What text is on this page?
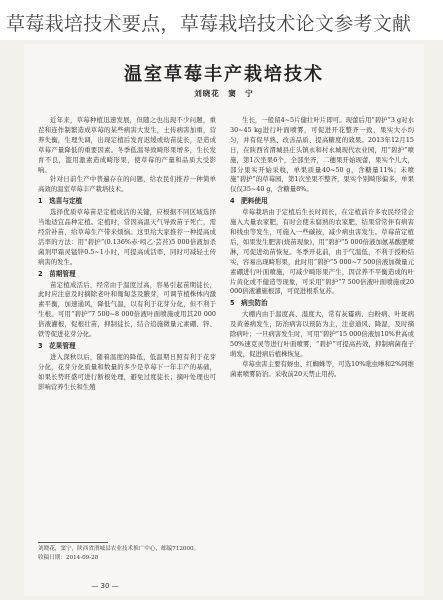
草莓栽培技术要点，草莓栽培技术论文参考文献
温室草莓丰产栽培技术
刘晓花　窦　宁

近年来，草莓种植迅速发展，但随之也出现不少问题，重茬和连作制繁造成草莓的某些病害大发生，土传病害加重，营养失衡，生理失调，出现定植后发育迟缓或幼苗徒长，是造成草莓产量降低的重要因素。冬季低温导致畸形果增多，生长发育不良，滥用激素造成畸形果，使草莓的产量和品质大受影响。

针对日前生产中普遍存在的问题，给农民们推荐一种简单高效的温室草莓丰产栽培技术。

1　选苗与定植

选择优质草莓苗是定植成活的关键，应根据不同区域选择当地适宜品种定植。定植时，常因高温天气导致苗子死亡，需经常补苗，给草莓生产带来烦恼。这里给大家推荐一种提高成活率的方法：用“碧护”(0.136%赤·吲乙·芸苔)5 000倍液加杀菌剂甲霜灵锰锌0.5~1小时，可提高成活率，同时可减轻土传病害的发生。

2　苗期管理

苗定植成活后，经常由于温度过高，容易引起苗期徒长，此时应注意及时摘除老叶和匍匐茎及腋芽，可调节植株体内激素平衡，加速通风，降低气温，以有利于花芽分化，但不利于生根。可用“碧护”7 500~8 000倍液叶面喷施或用其20 000倍液灌根，促根壮苗，抑制徒长，结合追施微量元素硼、锌、铁等促进花芽分化。

3　花果管理

进入深秋以后，随着温度的降低，低温期日照有利于花芽分化，花芽分化质量和数量的多少是草莓下一年丰产的基础，如果长势旺盛可进行断根处理，避免过度徒长；摘叶处理也可影响营养生长和生殖

生长，一般留4~5片健壮叶片即可。现蕾后用“碧护”3 g对水30~45 kg进行叶面喷雾，可促进开花整齐一致，果实大小均匀，并有促早熟、改善品质、提高糖度的效果。2013年12月15日，在陕西省渭城县庄头镇永和村永城现代农业园，用“碧护”喷施，第1次坐果6个，全部坐齐，二穗果开始现蕾，果实个儿大，部分果实开始采收，单果质量40~50 g，含糖量11%；未喷施“碧护”的草莓园，第1次坐果不整齐，果实个别畸形偏多，单果仅仅35~40 g，含糖量8%。

4　肥料使用

草莓栽培由于定植后生长时间长，在定植前许多农民经常会施入大量农家肥，有时会使未腐熟的农家肥，结果常常伴有病害和线虫等发生，可施入一些碳铵，减少病虫害发生。草莓苗定植后，如果发生肥害(烧苗现象)，用“碧护”5 000倍液加氨基酸肥喷淋，可促进幼苗恢复。冬季开花前，由于气温低，不利于授粉结实，容易出现畸形果，此时用“碧护”5 000~7 500倍液加微量元素硼进行叶面喷施，可减少畸形果产生，因营养不平衡造成的叶片黄化或不健造等现象，可采用“碧护”7 500倍液叶面喷施或20 000倍液灌施根部，可促进根系复苏。

5　病虫防治

大棚内由于温度高、湿度大，常有灰霉病、白粉病、叶斑病及黄萎病发生，防治病害以预防为主，注意通风、降湿，及时摘除病叶；一旦病害发生时，可用“碧护”15 000倍液加10%世高或50%速克灵等进行叶面喷雾，“碧护”可提高药效，抑制病菌孢子萌发，促进病后植株恢复。

草莓虫害主要有蚜虫、红蜘蛛等，可选10%吡虫啉和2%阿维菌素喷雾防治。采收前20天禁止用药。

刘晓花，窦宁，陕西省渭城县农业技术推广中心，邮编712000。
收稿日期：2014-09-28
— 30 —
